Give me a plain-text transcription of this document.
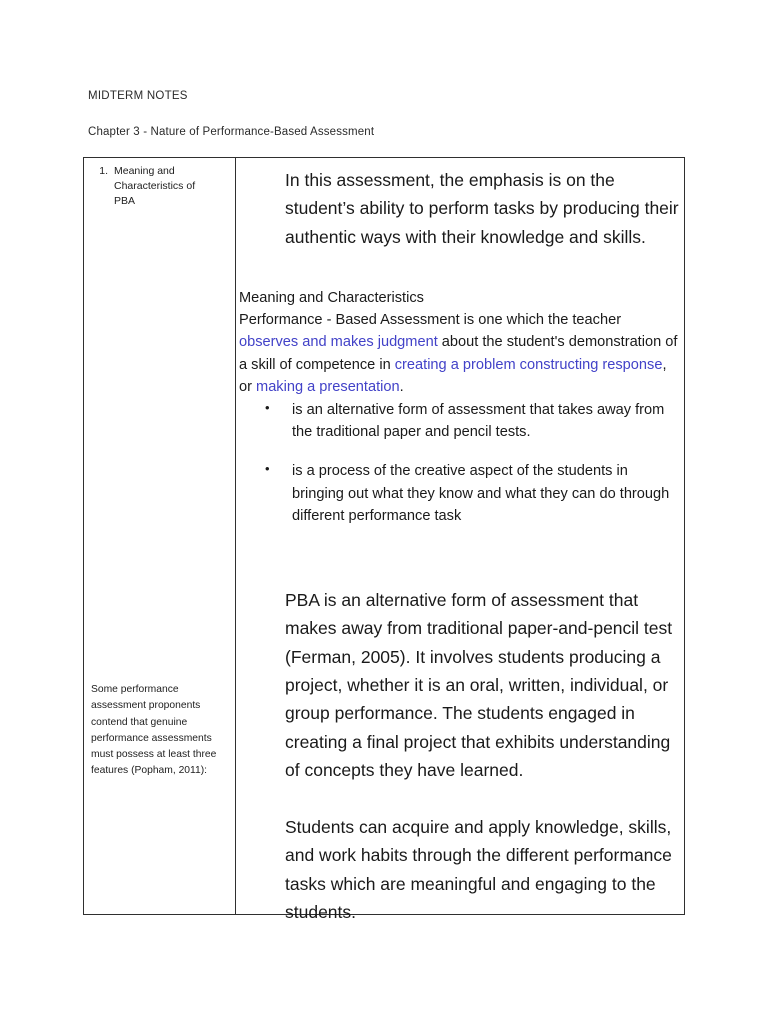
MIDTERM NOTES

Chapter 3 - Nature of Performance-Based Assessment

1. Meaning and Characteristics of PBA
Some performance assessment proponents contend that genuine performance assessments must possess at least three features (Popham, 2011):
In this assessment, the emphasis is on the student’s ability to perform tasks by producing their authentic ways with their knowledge and skills.
Meaning and Characteristics
Performance - Based Assessment is one which the teacher observes and makes judgment about the student's demonstration of a skill of competence in creating a problem constructing response, or making a presentation.
• is an alternative form of assessment that takes away from the traditional paper and pencil tests.
• is a process of the creative aspect of the students in bringing out what they know and what they can do through different performance task
PBA is an alternative form of assessment that makes away from traditional paper-and-pencil test (Ferman, 2005). It involves students producing a project, whether it is an oral, written, individual, or group performance. The students engaged in creating a final project that exhibits understanding of concepts they have learned.
Students can acquire and apply knowledge, skills, and work habits through the different performance tasks which are meaningful and engaging to the students.
